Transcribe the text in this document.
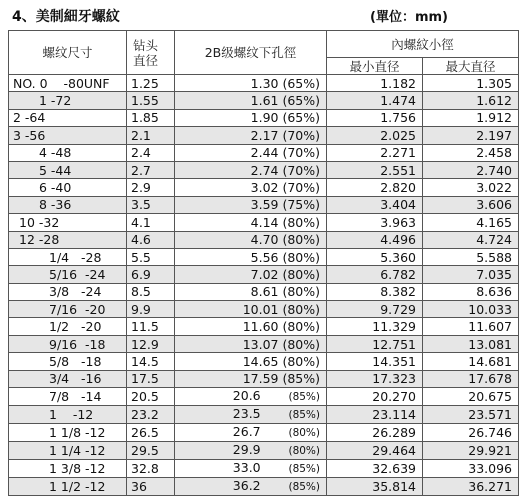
4、美制細牙螺紋	(單位：mm)
螺纹尺寸	钻头
直径	2B级螺纹下孔徑	內螺紋小徑	
			最小直径	最大直径
NO. 0    -80UNF	1.25	1.30 (65%)	1.182	1.305
1 -72	1.55	1.61 (65%)	1.474	1.612
2 -64	1.85	1.90 (65%)	1.756	1.912
3 -56	2.1	2.17 (70%)	2.025	2.197
4 -48	2.4	2.44 (70%)	2.271	2.458
5 -44	2.7	2.74 (70%)	2.551	2.740
6 -40	2.9	3.02 (70%)	2.820	3.022
8 -36	3.5	3.59 (75%)	3.404	3.606
10 -32	4.1	4.14 (80%)	3.963	4.165
12 -28	4.6	4.70 (80%)	4.496	4.724
1/4   -28	5.5	5.56 (80%)	5.360	5.588
5/16  -24	6.9	7.02 (80%)	6.782	7.035
3/8   -24	8.5	8.61 (80%)	8.382	8.636
7/16  -20	9.9	10.01 (80%)	9.729	10.033
1/2   -20	11.5	11.60 (80%)	11.329	11.607
9/16  -18	12.9	13.07 (80%)	12.751	13.081
5/8   -18	14.5	14.65 (80%)	14.351	14.681
3/4   -16	17.5	17.59 (85%)	17.323	17.678
7/8   -14	20.5	20.6 (85%)	20.270	20.675
1    -12	23.2	23.5 (85%)	23.114	23.571
1 1/8 -12	26.5	26.7 (80%)	26.289	26.746
1 1/4 -12	29.5	29.9 (80%)	29.464	29.921
1 3/8 -12	32.8	33.0 (85%)	32.639	33.096
1 1/2 -12	36	36.2 (85%)	35.814	36.271
